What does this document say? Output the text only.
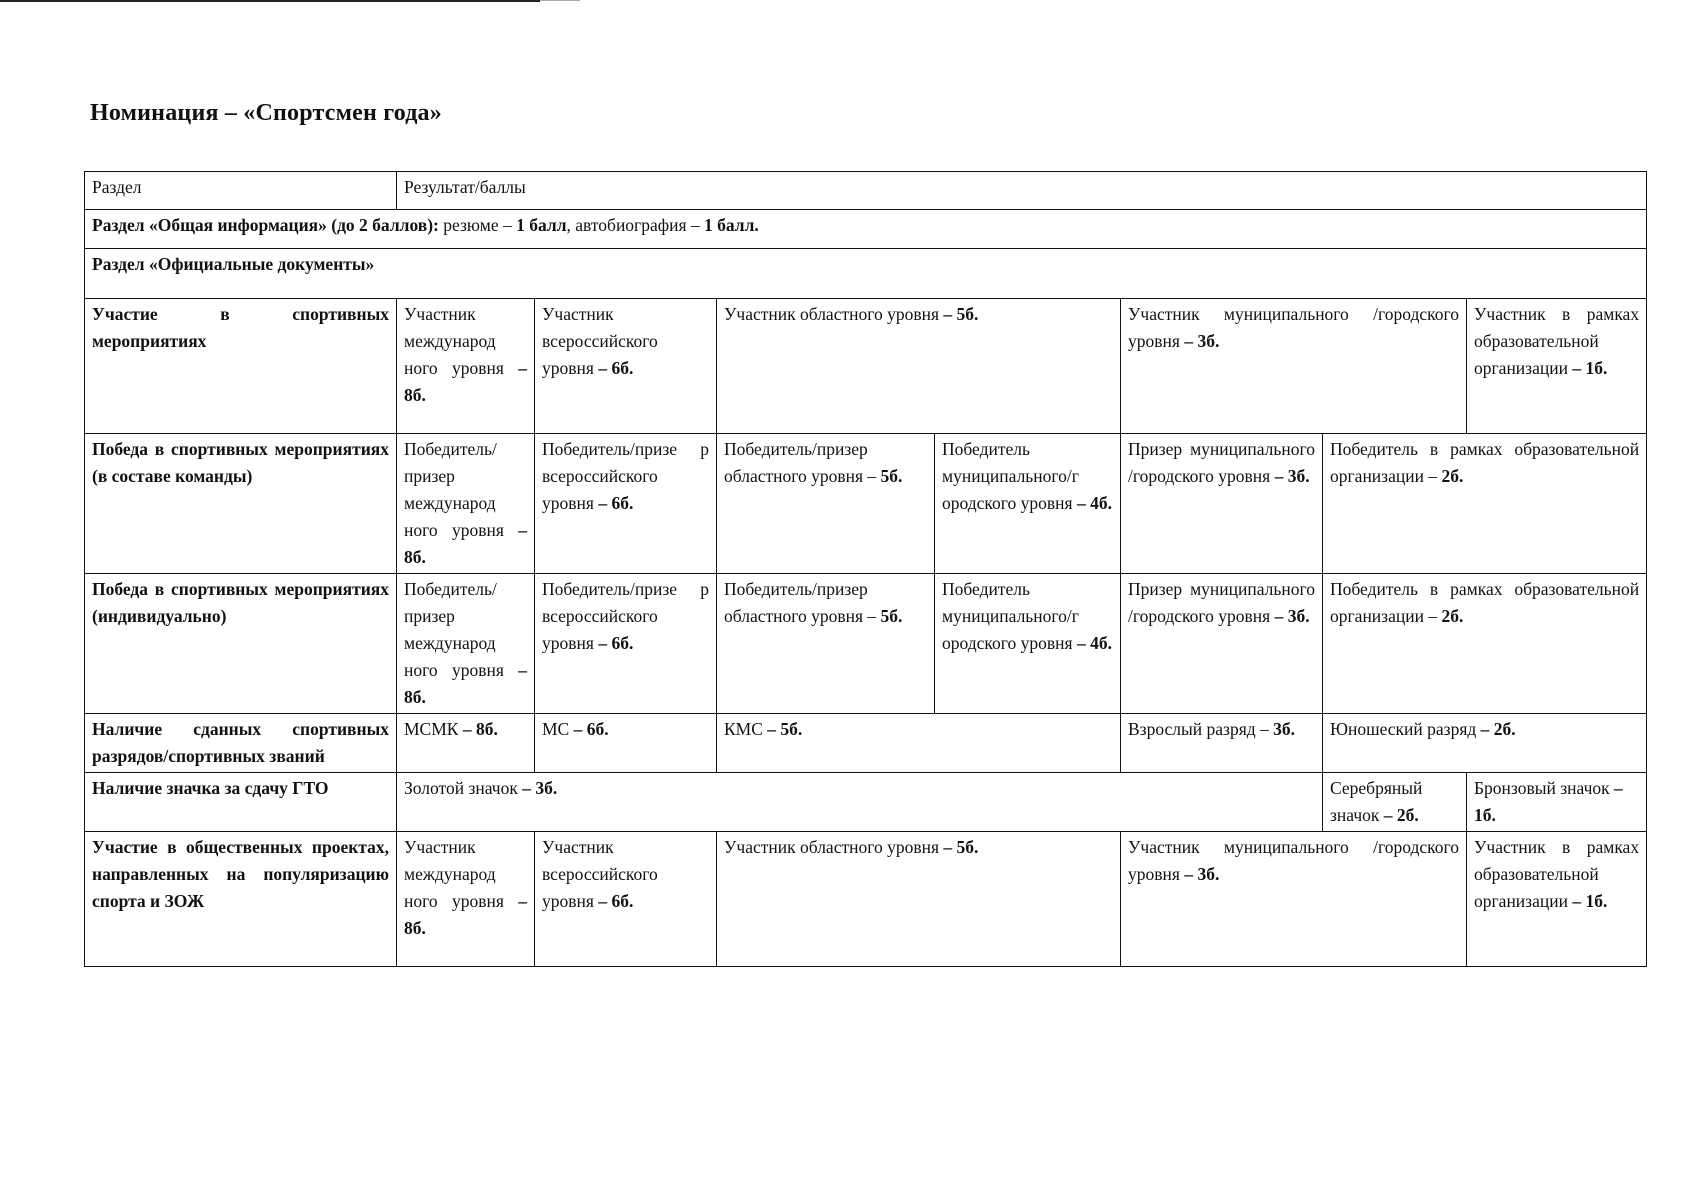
Номинация – «Спортсмен года»
Раздел	Результат/баллы						
Раздел «Общая информация» (до 2 баллов): резюме – 1 балл, автобиография – 1 балл.							
Раздел «Официальные документы»							
Участие в спортивных мероприятиях	Участник международ ного уровня – 8б.	Участник всероссийского уровня – 6б.	Участник областного уровня – 5б.		Участник муниципального /городского уровня – 3б.		Участник в рамках образовательной организации – 1б.
Победа в спортивных мероприятиях (в составе команды)	Победитель/ призер международ ного уровня – 8б.	Победитель/призе р всероссийского уровня – 6б.	Победитель/призер областного уровня – 5б.	Победитель муниципального/г ородского уровня – 4б.	Призер муниципального /городского уровня – 3б.	Победитель в рамках образовательной организации – 2б.	
Победа в спортивных мероприятиях (индивидуально)	Победитель/ призер международ ного уровня – 8б.	Победитель/призе р всероссийского уровня – 6б.	Победитель/призер областного уровня – 5б.	Победитель муниципального/г ородского уровня – 4б.	Призер муниципального /городского уровня – 3б.	Победитель в рамках образовательной организации – 2б.	
Наличие сданных спортивных разрядов/спортивных званий	МСМК – 8б.	МС – 6б.	КМС – 5б.		Взрослый разряд – 3б.	Юношеский разряд – 2б.	
Наличие значка за сдачу ГТО	Золотой значок – 3б.					Серебряный значок – 2б.	Бронзовый значок – 1б.
Участие в общественных проектах, направленных на популяризацию спорта и ЗОЖ	Участник международ ного уровня – 8б.	Участник всероссийского уровня – 6б.	Участник областного уровня – 5б.		Участник муниципального /городского уровня – 3б.		Участник в рамках образовательной организации – 1б.
